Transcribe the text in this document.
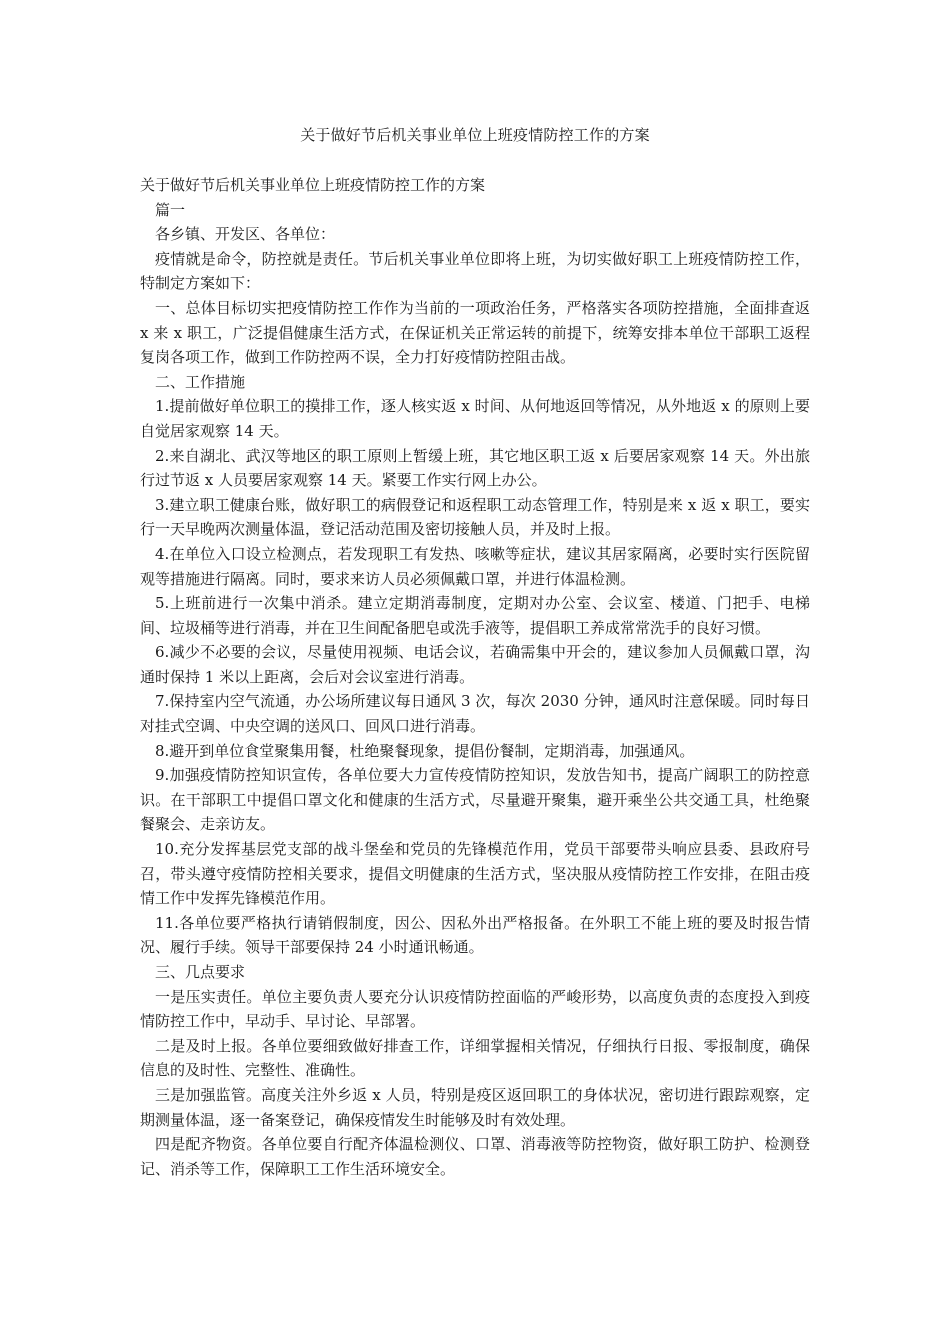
关于做好节后机关事业单位上班疫情防控工作的方案

关于做好节后机关事业单位上班疫情防控工作的方案

篇一

各乡镇、开发区、各单位：

疫情就是命令，防控就是责任。节后机关事业单位即将上班，为切实做好职工上班疫情防控工作，特制定方案如下：

一、总体目标切实把疫情防控工作作为当前的一项政治任务，严格落实各项防控措施，全面排查返 x 来 x 职工，广泛提倡健康生活方式，在保证机关正常运转的前提下，统筹安排本单位干部职工返程复岗各项工作，做到工作防控两不误，全力打好疫情防控阻击战。

二、工作措施

1.提前做好单位职工的摸排工作，逐人核实返 x 时间、从何地返回等情况，从外地返 x 的原则上要自觉居家观察 14 天。

2.来自湖北、武汉等地区的职工原则上暂缓上班，其它地区职工返 x 后要居家观察 14 天。外出旅行过节返 x 人员要居家观察 14 天。紧要工作实行网上办公。

3.建立职工健康台账，做好职工的病假登记和返程职工动态管理工作，特别是来 x 返 x 职工，要实行一天早晚两次测量体温，登记活动范围及密切接触人员，并及时上报。

4.在单位入口设立检测点，若发现职工有发热、咳嗽等症状，建议其居家隔离，必要时实行医院留观等措施进行隔离。同时，要求来访人员必须佩戴口罩，并进行体温检测。

5.上班前进行一次集中消杀。建立定期消毒制度，定期对办公室、会议室、楼道、门把手、电梯间、垃圾桶等进行消毒，并在卫生间配备肥皂或洗手液等，提倡职工养成常常洗手的良好习惯。

6.减少不必要的会议，尽量使用视频、电话会议，若确需集中开会的，建议参加人员佩戴口罩，沟通时保持 1 米以上距离，会后对会议室进行消毒。

7.保持室内空气流通，办公场所建议每日通风 3 次，每次 2030 分钟，通风时注意保暖。同时每日对挂式空调、中央空调的送风口、回风口进行消毒。

8.避开到单位食堂聚集用餐，杜绝聚餐现象，提倡份餐制，定期消毒，加强通风。

9.加强疫情防控知识宣传，各单位要大力宣传疫情防控知识，发放告知书，提高广阔职工的防控意识。在干部职工中提倡口罩文化和健康的生活方式，尽量避开聚集，避开乘坐公共交通工具，杜绝聚餐聚会、走亲访友。

10.充分发挥基层党支部的战斗堡垒和党员的先锋模范作用，党员干部要带头响应县委、县政府号召，带头遵守疫情防控相关要求，提倡文明健康的生活方式，坚决服从疫情防控工作安排，在阻击疫情工作中发挥先锋模范作用。

11.各单位要严格执行请销假制度，因公、因私外出严格报备。在外职工不能上班的要及时报告情况、履行手续。领导干部要保持 24 小时通讯畅通。

三、几点要求

一是压实责任。单位主要负责人要充分认识疫情防控面临的严峻形势，以高度负责的态度投入到疫情防控工作中，早动手、早讨论、早部署。

二是及时上报。各单位要细致做好排查工作，详细掌握相关情况，仔细执行日报、零报制度，确保信息的及时性、完整性、准确性。

三是加强监管。高度关注外乡返 x 人员，特别是疫区返回职工的身体状况，密切进行跟踪观察，定期测量体温，逐一备案登记，确保疫情发生时能够及时有效处理。

四是配齐物资。各单位要自行配齐体温检测仪、口罩、消毒液等防控物资，做好职工防护、检测登记、消杀等工作，保障职工工作生活环境安全。
